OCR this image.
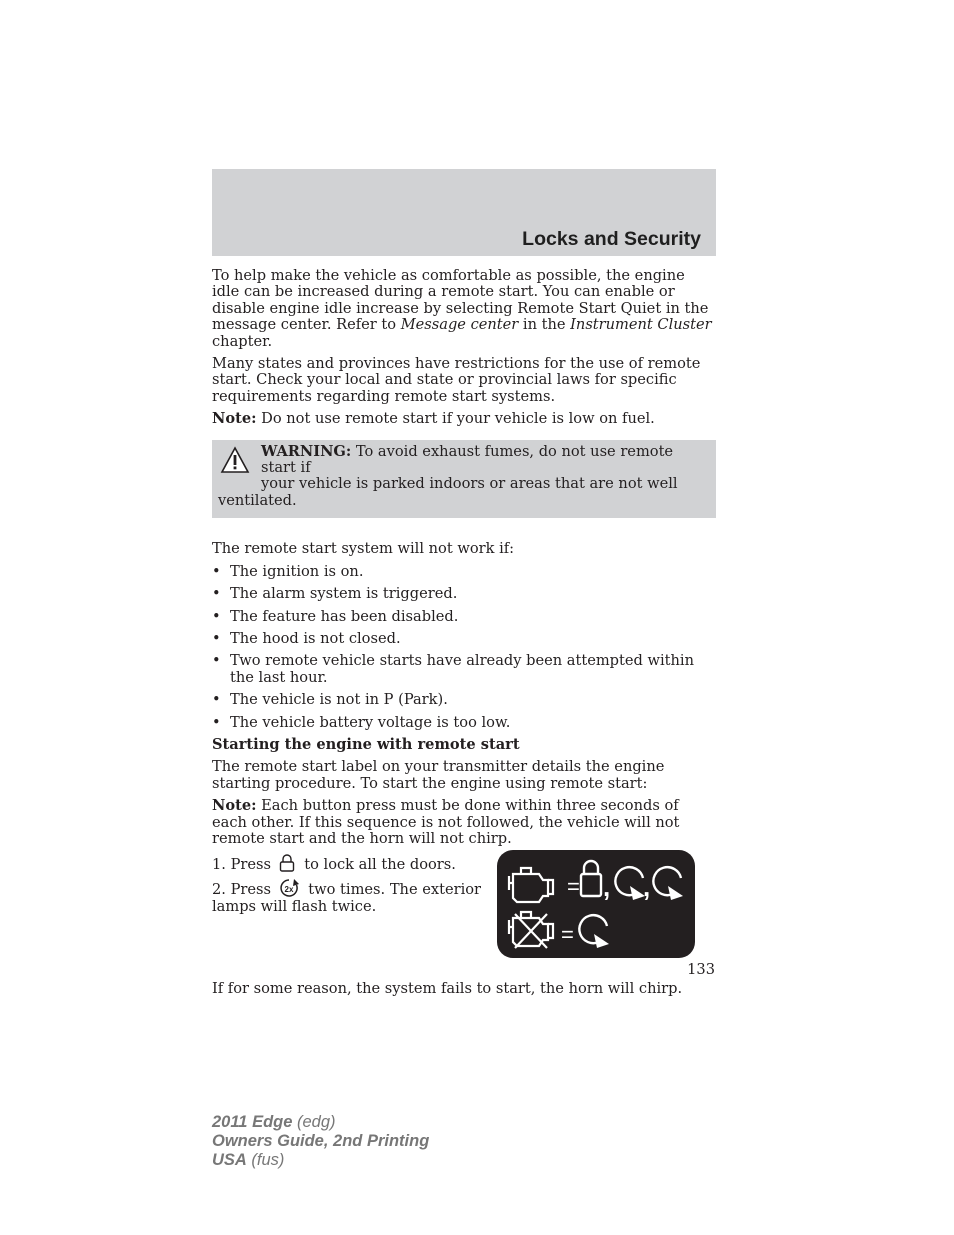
Locks and Security

To help make the vehicle as comfortable as possible, the engine idle can be increased during a remote start. You can enable or disable engine idle increase by selecting Remote Start Quiet in the message center. Refer to Message center in the Instrument Cluster chapter.

Many states and provinces have restrictions for the use of remote start. Check your local and state or provincial laws for specific requirements regarding remote start systems.

Note: Do not use remote start if your vehicle is low on fuel.

WARNING: To avoid exhaust fumes, do not use remote start if

your vehicle is parked indoors or areas that are not well

ventilated.

The remote start system will not work if:

• The ignition is on.
• The alarm system is triggered.
• The feature has been disabled.
• The hood is not closed.
• Two remote vehicle starts have already been attempted within the last hour.
• The vehicle is not in P (Park).
• The vehicle battery voltage is too low.

Starting the engine with remote start

The remote start label on your transmitter details the engine starting procedure. To start the engine using remote start:

Note: Each button press must be done within three seconds of each other. If this sequence is not followed, the vehicle will not remote start and the horn will not chirp.

1. Press to lock all the doors.
2. Press 2x two times. The exterior lamps will flash twice.
= , ,
=

If for some reason, the system fails to start, the horn will chirp.

133
2011 Edge (edg)
Owners Guide, 2nd Printing
USA (fus)
